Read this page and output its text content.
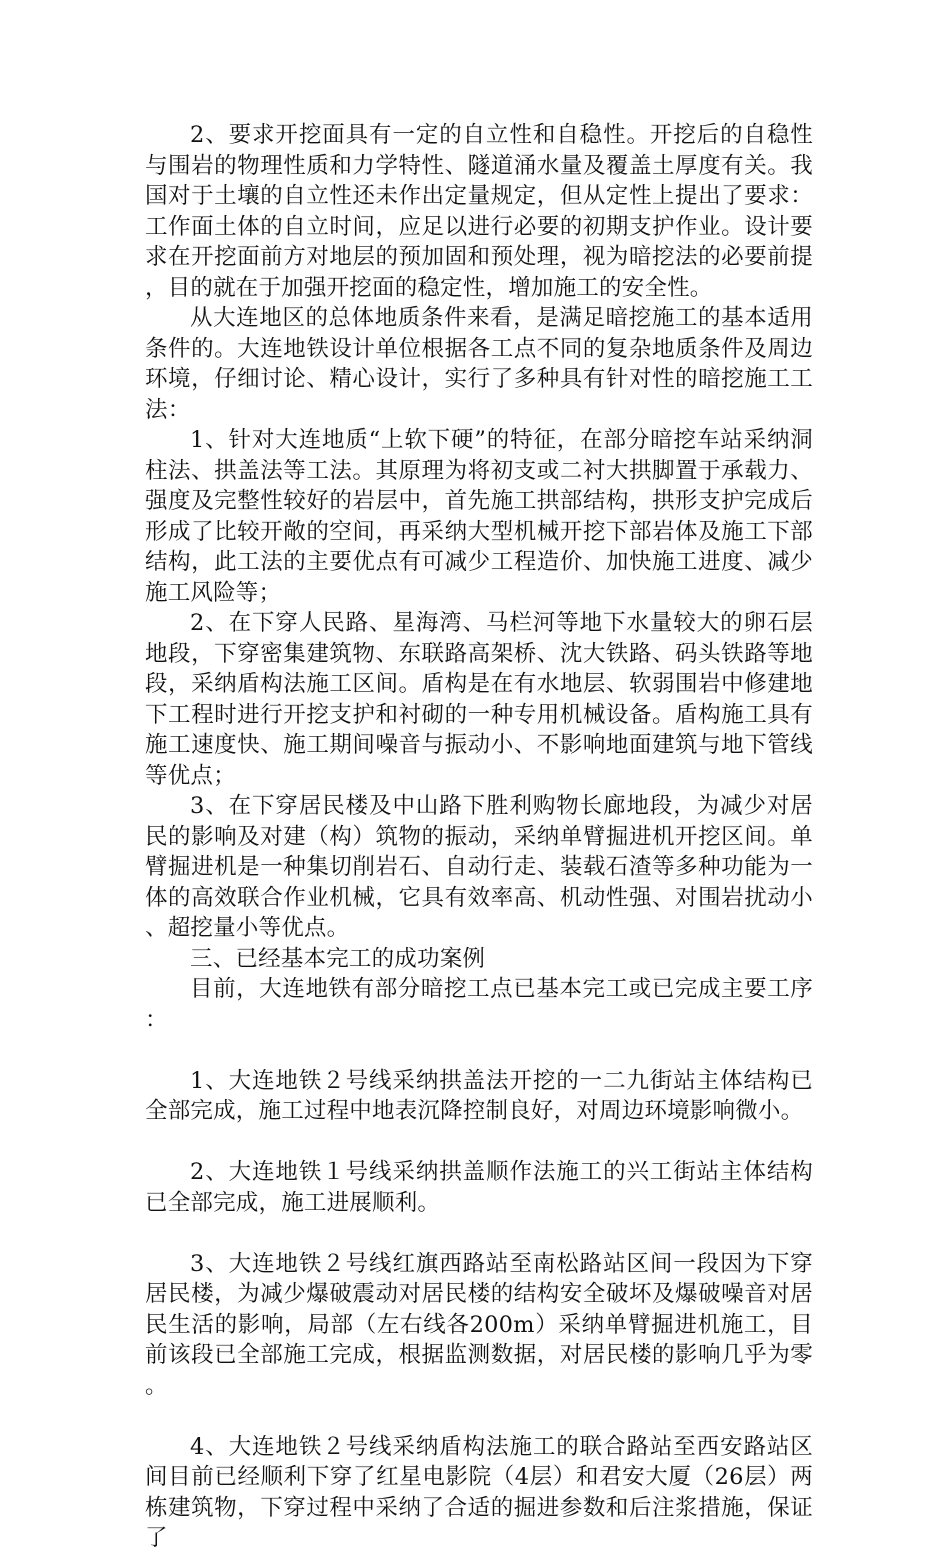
2、要求开挖面具有一定的自立性和自稳性。开挖后的自稳性与围岩的物理性质和力学特性、隧道涌水量及覆盖土厚度有关。我国对于土壤的自立性还未作出定量规定，但从定性上提出了要求：工作面土体的自立时间，应足以进行必要的初期支护作业。设计要求在开挖面前方对地层的预加固和预处理，视为暗挖法的必要前提，目的就在于加强开挖面的稳定性，增加施工的安全性。

从大连地区的总体地质条件来看，是满足暗挖施工的基本适用条件的。大连地铁设计单位根据各工点不同的复杂地质条件及周边环境，仔细讨论、精心设计，实行了多种具有针对性的暗挖施工工法：

1、针对大连地质“上软下硬”的特征，在部分暗挖车站采纳洞柱法、拱盖法等工法。其原理为将初支或二衬大拱脚置于承载力、强度及完整性较好的岩层中，首先施工拱部结构，拱形支护完成后形成了比较开敞的空间，再采纳大型机械开挖下部岩体及施工下部结构，此工法的主要优点有可减少工程造价、加快施工进度、减少施工风险等；

2、在下穿人民路、星海湾、马栏河等地下水量较大的卵石层地段，下穿密集建筑物、东联路高架桥、沈大铁路、码头铁路等地段，采纳盾构法施工区间。盾构是在有水地层、软弱围岩中修建地下工程时进行开挖支护和衬砌的一种专用机械设备。盾构施工具有施工速度快、施工期间噪音与振动小、不影响地面建筑与地下管线等优点；

3、在下穿居民楼及中山路下胜利购物长廊地段，为减少对居民的影响及对建（构）筑物的振动，采纳单臂掘进机开挖区间。单臂掘进机是一种集切削岩石、自动行走、装载石渣等多种功能为一体的高效联合作业机械，它具有效率高、机动性强、对围岩扰动小、超挖量小等优点。

三、已经基本完工的成功案例

目前，大连地铁有部分暗挖工点已基本完工或已完成主要工序：

1、大连地铁２号线采纳拱盖法开挖的一二九街站主体结构已全部完成，施工过程中地表沉降控制良好，对周边环境影响微小。

2、大连地铁１号线采纳拱盖顺作法施工的兴工街站主体结构已全部完成，施工进展顺利。

3、大连地铁２号线红旗西路站至南松路站区间一段因为下穿居民楼，为减少爆破震动对居民楼的结构安全破坏及爆破噪音对居民生活的影响，局部（左右线各200m）采纳单臂掘进机施工，目前该段已全部施工完成，根据监测数据，对居民楼的影响几乎为零。

4、大连地铁２号线采纳盾构法施工的联合路站至西安路站区间目前已经顺利下穿了红星电影院（4层）和君安大厦（26层）两栋建筑物，下穿过程中采纳了合适的掘进参数和后注浆措施，保证了
